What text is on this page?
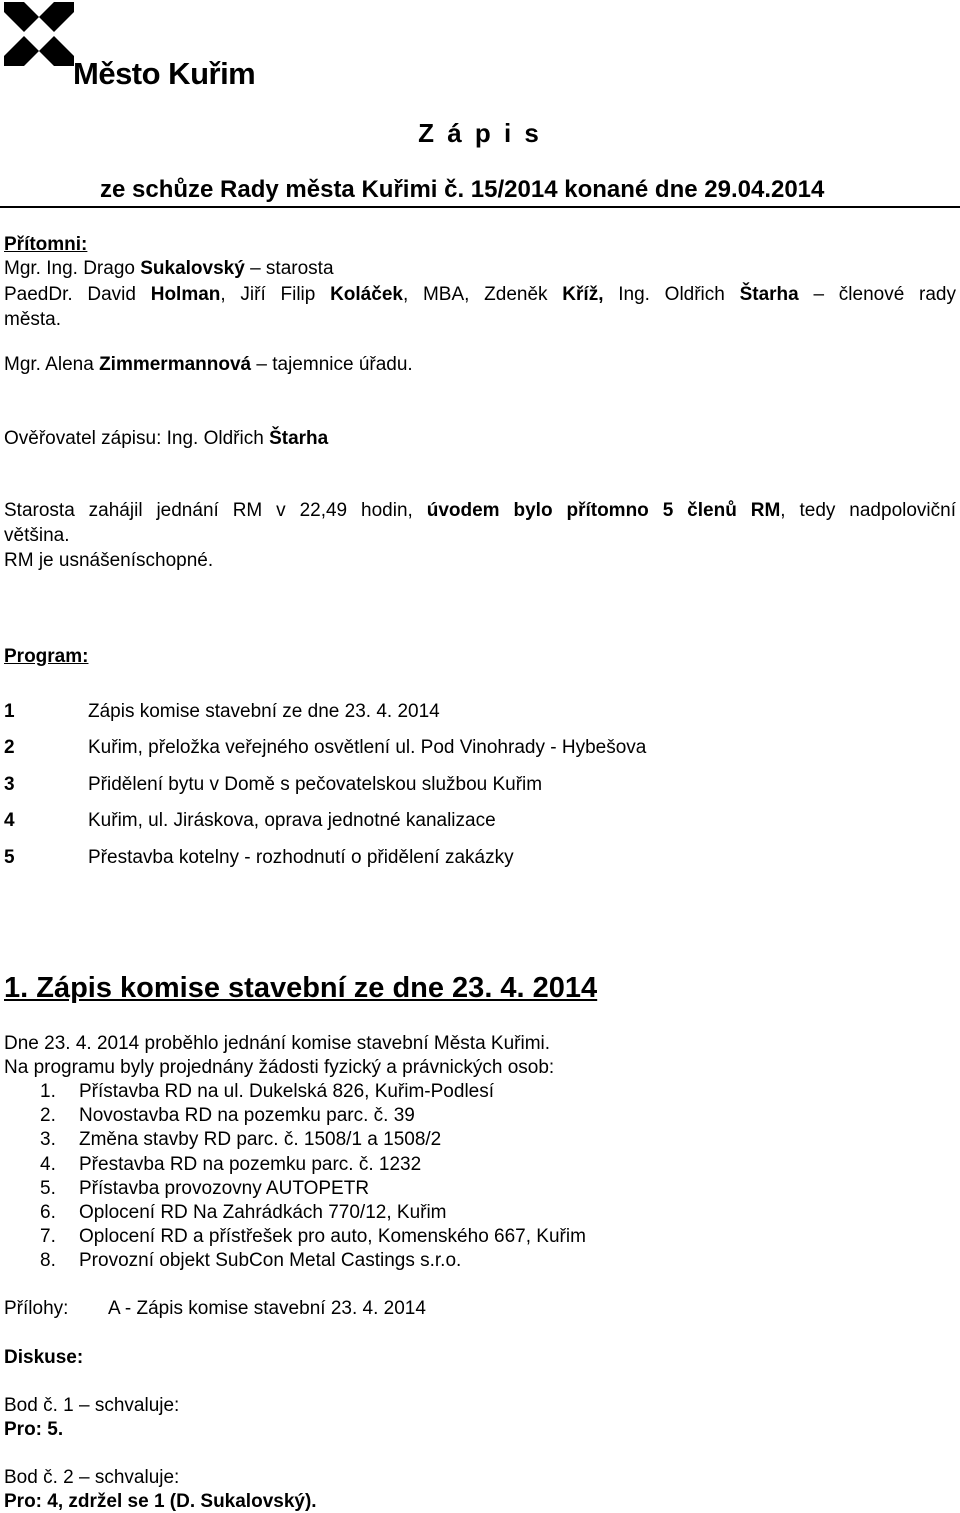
Město Kuřim
Z á p i s
ze schůze Rady města Kuřimi č. 15/2014 konané dne 29.04.2014
Přítomni:
Mgr. Ing. Drago Sukalovský – starosta
PaedDr. David Holman, Jiří Filip Koláček, MBA, Zdeněk Kříž, Ing. Oldřich Štarha – členové rady
města.
Mgr. Alena Zimmermannová – tajemnice úřadu.
Ověřovatel zápisu: Ing. Oldřich Štarha
Starosta zahájil jednání RM v 22,49 hodin, úvodem bylo přítomno 5 členů RM, tedy nadpoloviční
většina.
RM je usnášeníschopné.
Program:
1	Zápis komise stavební ze dne 23. 4. 2014
2	Kuřim, přeložka veřejného osvětlení ul. Pod Vinohrady - Hybešova
3	Přidělení bytu v Domě s pečovatelskou službou Kuřim
4	Kuřim, ul. Jiráskova, oprava jednotné kanalizace
5	Přestavba kotelny - rozhodnutí o přidělení zakázky
1. Zápis komise stavební ze dne 23. 4. 2014
Dne 23. 4. 2014 proběhlo jednání komise stavební Města Kuřimi.
Na programu byly projednány žádosti fyzický a právnických osob:
1. Přístavba RD na ul. Dukelská 826, Kuřim-Podlesí
2. Novostavba RD na pozemku parc. č. 39
3. Změna stavby RD parc. č. 1508/1 a 1508/2
4. Přestavba RD na pozemku parc. č. 1232
5. Přístavba provozovny AUTOPETR
6. Oplocení RD Na Zahrádkách 770/12, Kuřim
7. Oplocení RD a přístřešek pro auto, Komenského 667, Kuřim
8. Provozní objekt SubCon Metal Castings s.r.o.
Přílohy: A - Zápis komise stavební 23. 4. 2014
Diskuse:
Bod č. 1 – schvaluje:
Pro: 5.
Bod č. 2 – schvaluje:
Pro: 4, zdržel se 1 (D. Sukalovský).
